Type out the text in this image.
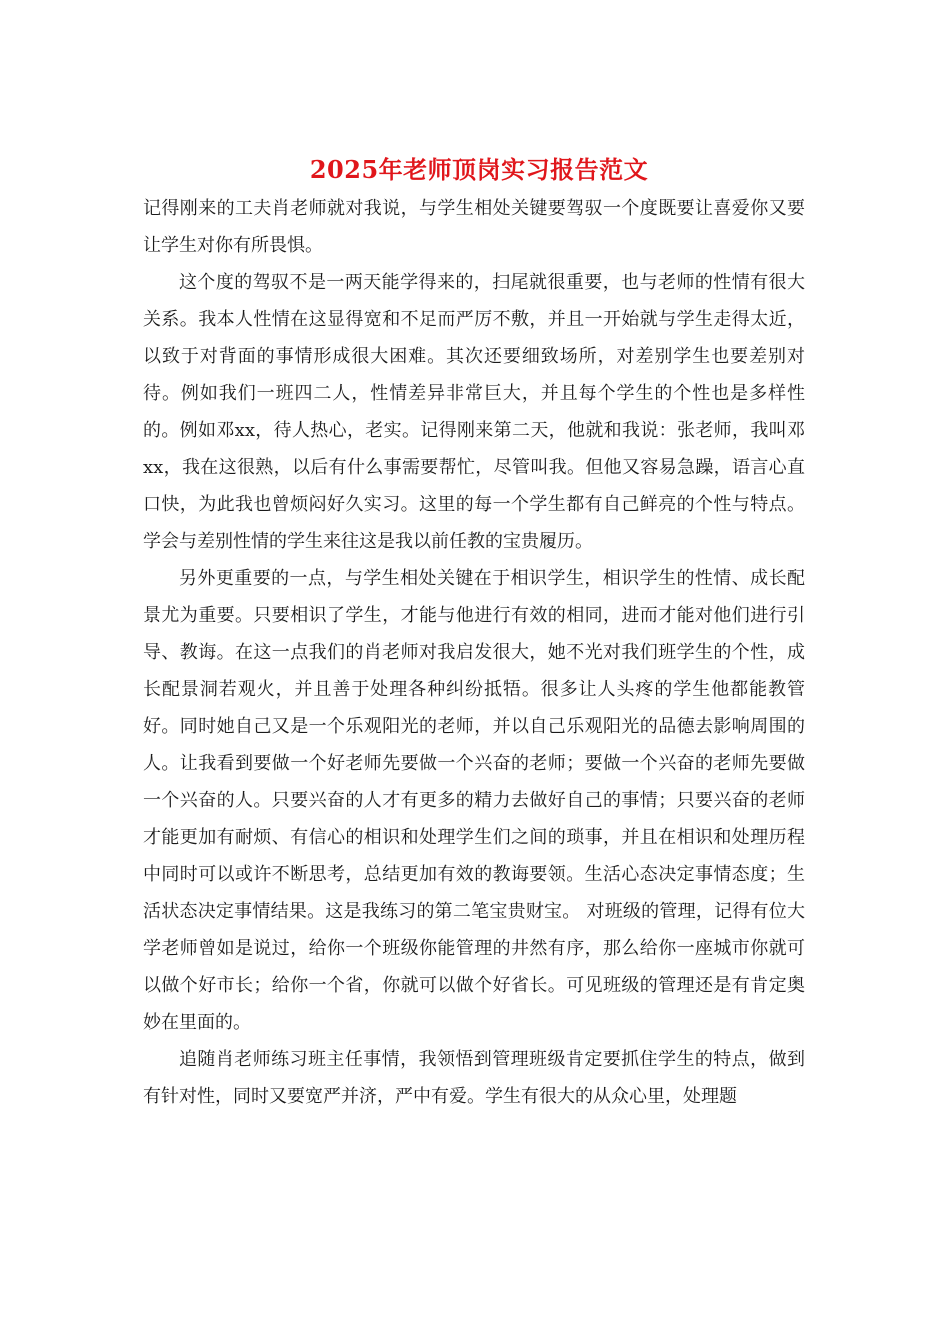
2025年老师顶岗实习报告范文

记得刚来的工夫肖老师就对我说，与学生相处关键要驾驭一个度既要让喜爱你又要让学生对你有所畏惧。

这个度的驾驭不是一两天能学得来的，扫尾就很重要，也与老师的性情有很大关系。我本人性情在这显得宽和不足而严厉不敷，并且一开始就与学生走得太近，以致于对背面的事情形成很大困难。其次还要细致场所，对差别学生也要差别对待。例如我们一班四二人，性情差异非常巨大，并且每个学生的个性也是多样性的。例如邓xx，待人热心，老实。记得刚来第二天，他就和我说：张老师，我叫邓xx，我在这很熟，以后有什么事需要帮忙，尽管叫我。但他又容易急躁，语言心直口快，为此我也曾烦闷好久实习。这里的每一个学生都有自己鲜亮的个性与特点。学会与差别性情的学生来往这是我以前任教的宝贵履历。

另外更重要的一点，与学生相处关键在于相识学生，相识学生的性情、成长配景尤为重要。只要相识了学生，才能与他进行有效的相同，进而才能对他们进行引导、教诲。在这一点我们的肖老师对我启发很大，她不光对我们班学生的个性，成长配景洞若观火，并且善于处理各种纠纷抵牾。很多让人头疼的学生他都能教管好。同时她自己又是一个乐观阳光的老师，并以自己乐观阳光的品德去影响周围的人。让我看到要做一个好老师先要做一个兴奋的老师；要做一个兴奋的老师先要做一个兴奋的人。只要兴奋的人才有更多的精力去做好自己的事情；只要兴奋的老师才能更加有耐烦、有信心的相识和处理学生们之间的琐事，并且在相识和处理历程中同时可以或许不断思考，总结更加有效的教诲要领。生活心态决定事情态度；生活状态决定事情结果。这是我练习的第二笔宝贵财宝。 对班级的管理，记得有位大学老师曾如是说过，给你一个班级你能管理的井然有序，那么给你一座城市你就可以做个好市长；给你一个省，你就可以做个好省长。可见班级的管理还是有肯定奥妙在里面的。

追随肖老师练习班主任事情，我领悟到管理班级肯定要抓住学生的特点，做到有针对性，同时又要宽严并济，严中有爱。学生有很大的从众心里，处理题
